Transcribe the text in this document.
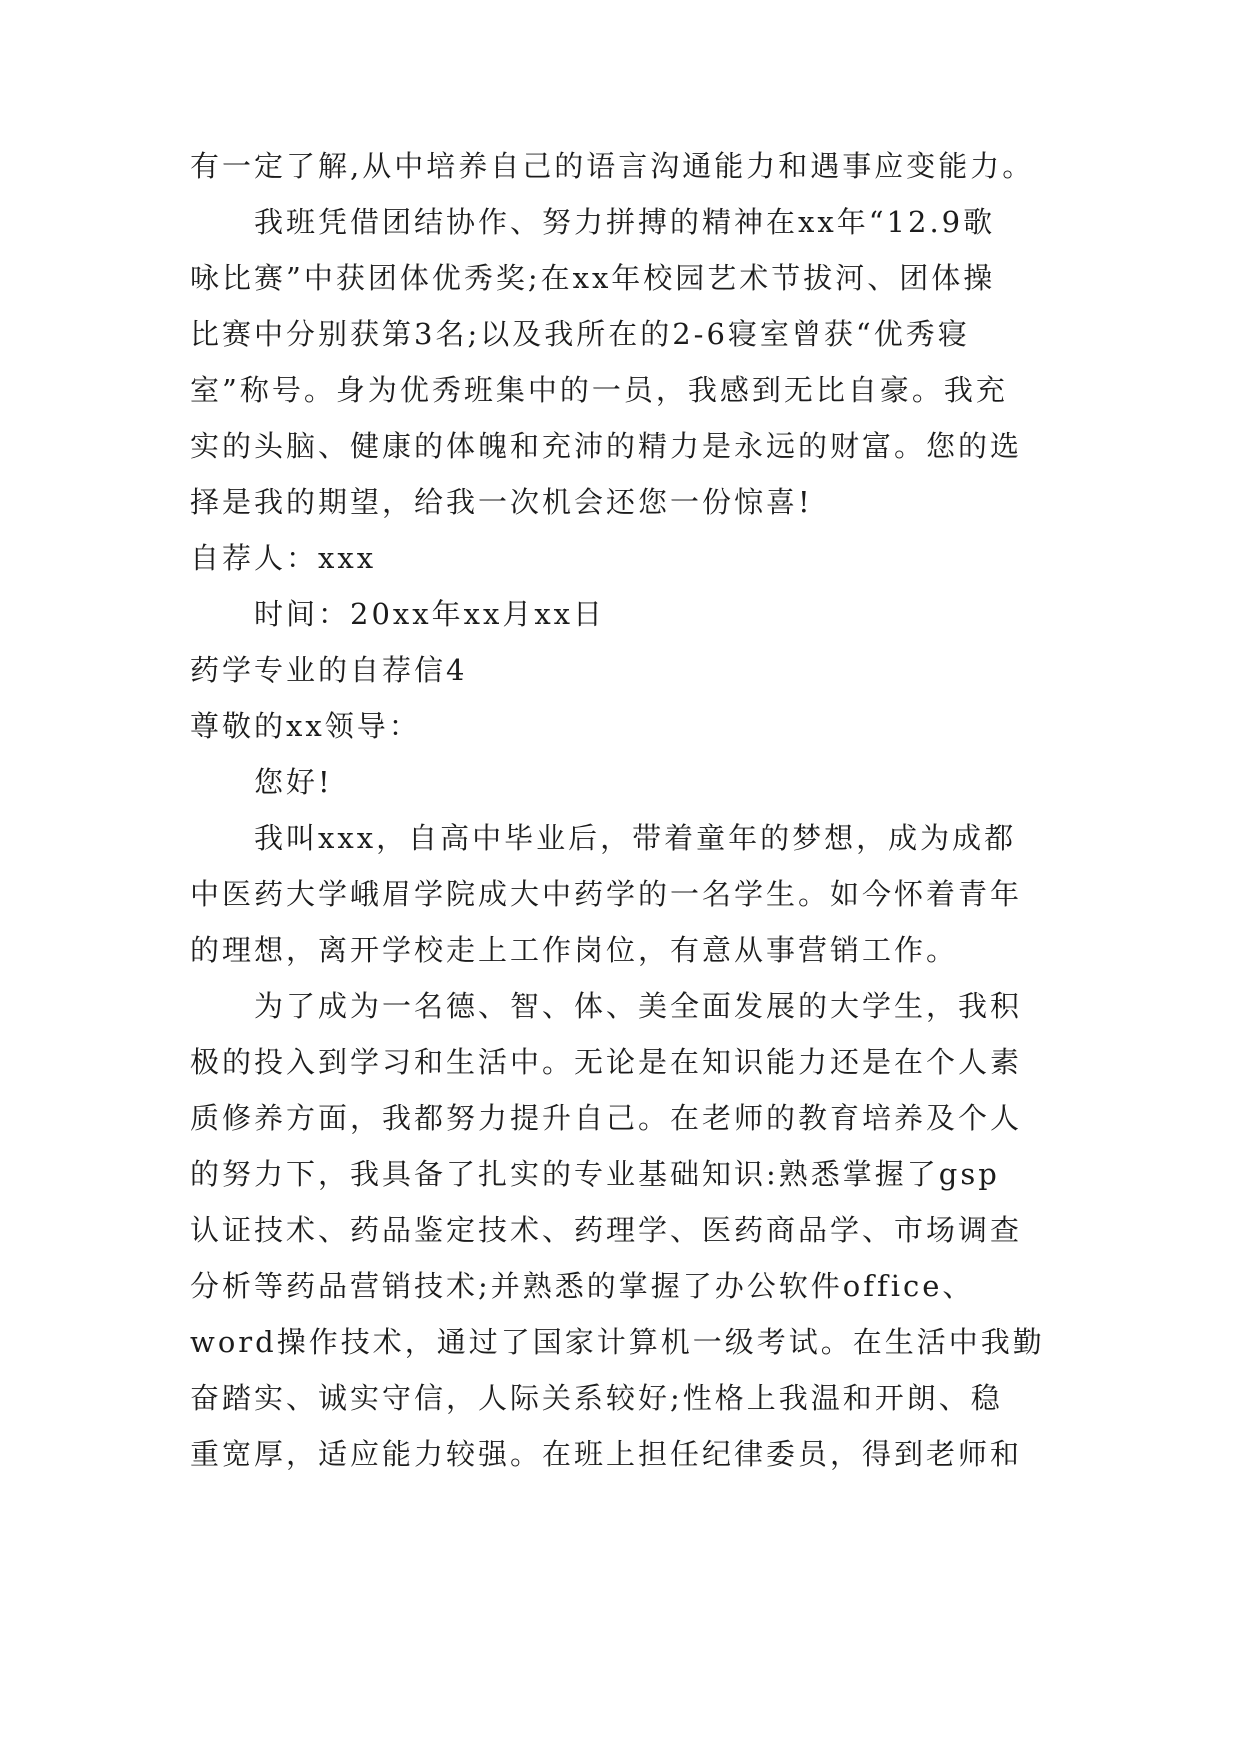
有一定了解,从中培养自己的语言沟通能力和遇事应变能力。

我班凭借团结协作、努力拼搏的精神在xx年“12.9歌

咏比赛”中获团体优秀奖;在xx年校园艺术节拔河、团体操

比赛中分别获第3名;以及我所在的2-6寝室曾获“优秀寝

室”称号。身为优秀班集中的一员，我感到无比自豪。我充

实的头脑、健康的体魄和充沛的精力是永远的财富。您的选

择是我的期望，给我一次机会还您一份惊喜!

自荐人：xxx

时间：20xx年xx月xx日

药学专业的自荐信4

尊敬的xx领导：

您好!

我叫xxx，自高中毕业后，带着童年的梦想，成为成都

中医药大学峨眉学院成大中药学的一名学生。如今怀着青年

的理想，离开学校走上工作岗位，有意从事营销工作。

为了成为一名德、智、体、美全面发展的大学生，我积

极的投入到学习和生活中。无论是在知识能力还是在个人素

质修养方面，我都努力提升自己。在老师的教育培养及个人

的努力下，我具备了扎实的专业基础知识:熟悉掌握了gsp

认证技术、药品鉴定技术、药理学、医药商品学、市场调查

分析等药品营销技术;并熟悉的掌握了办公软件office、

word操作技术，通过了国家计算机一级考试。在生活中我勤

奋踏实、诚实守信，人际关系较好;性格上我温和开朗、稳

重宽厚，适应能力较强。在班上担任纪律委员，得到老师和
